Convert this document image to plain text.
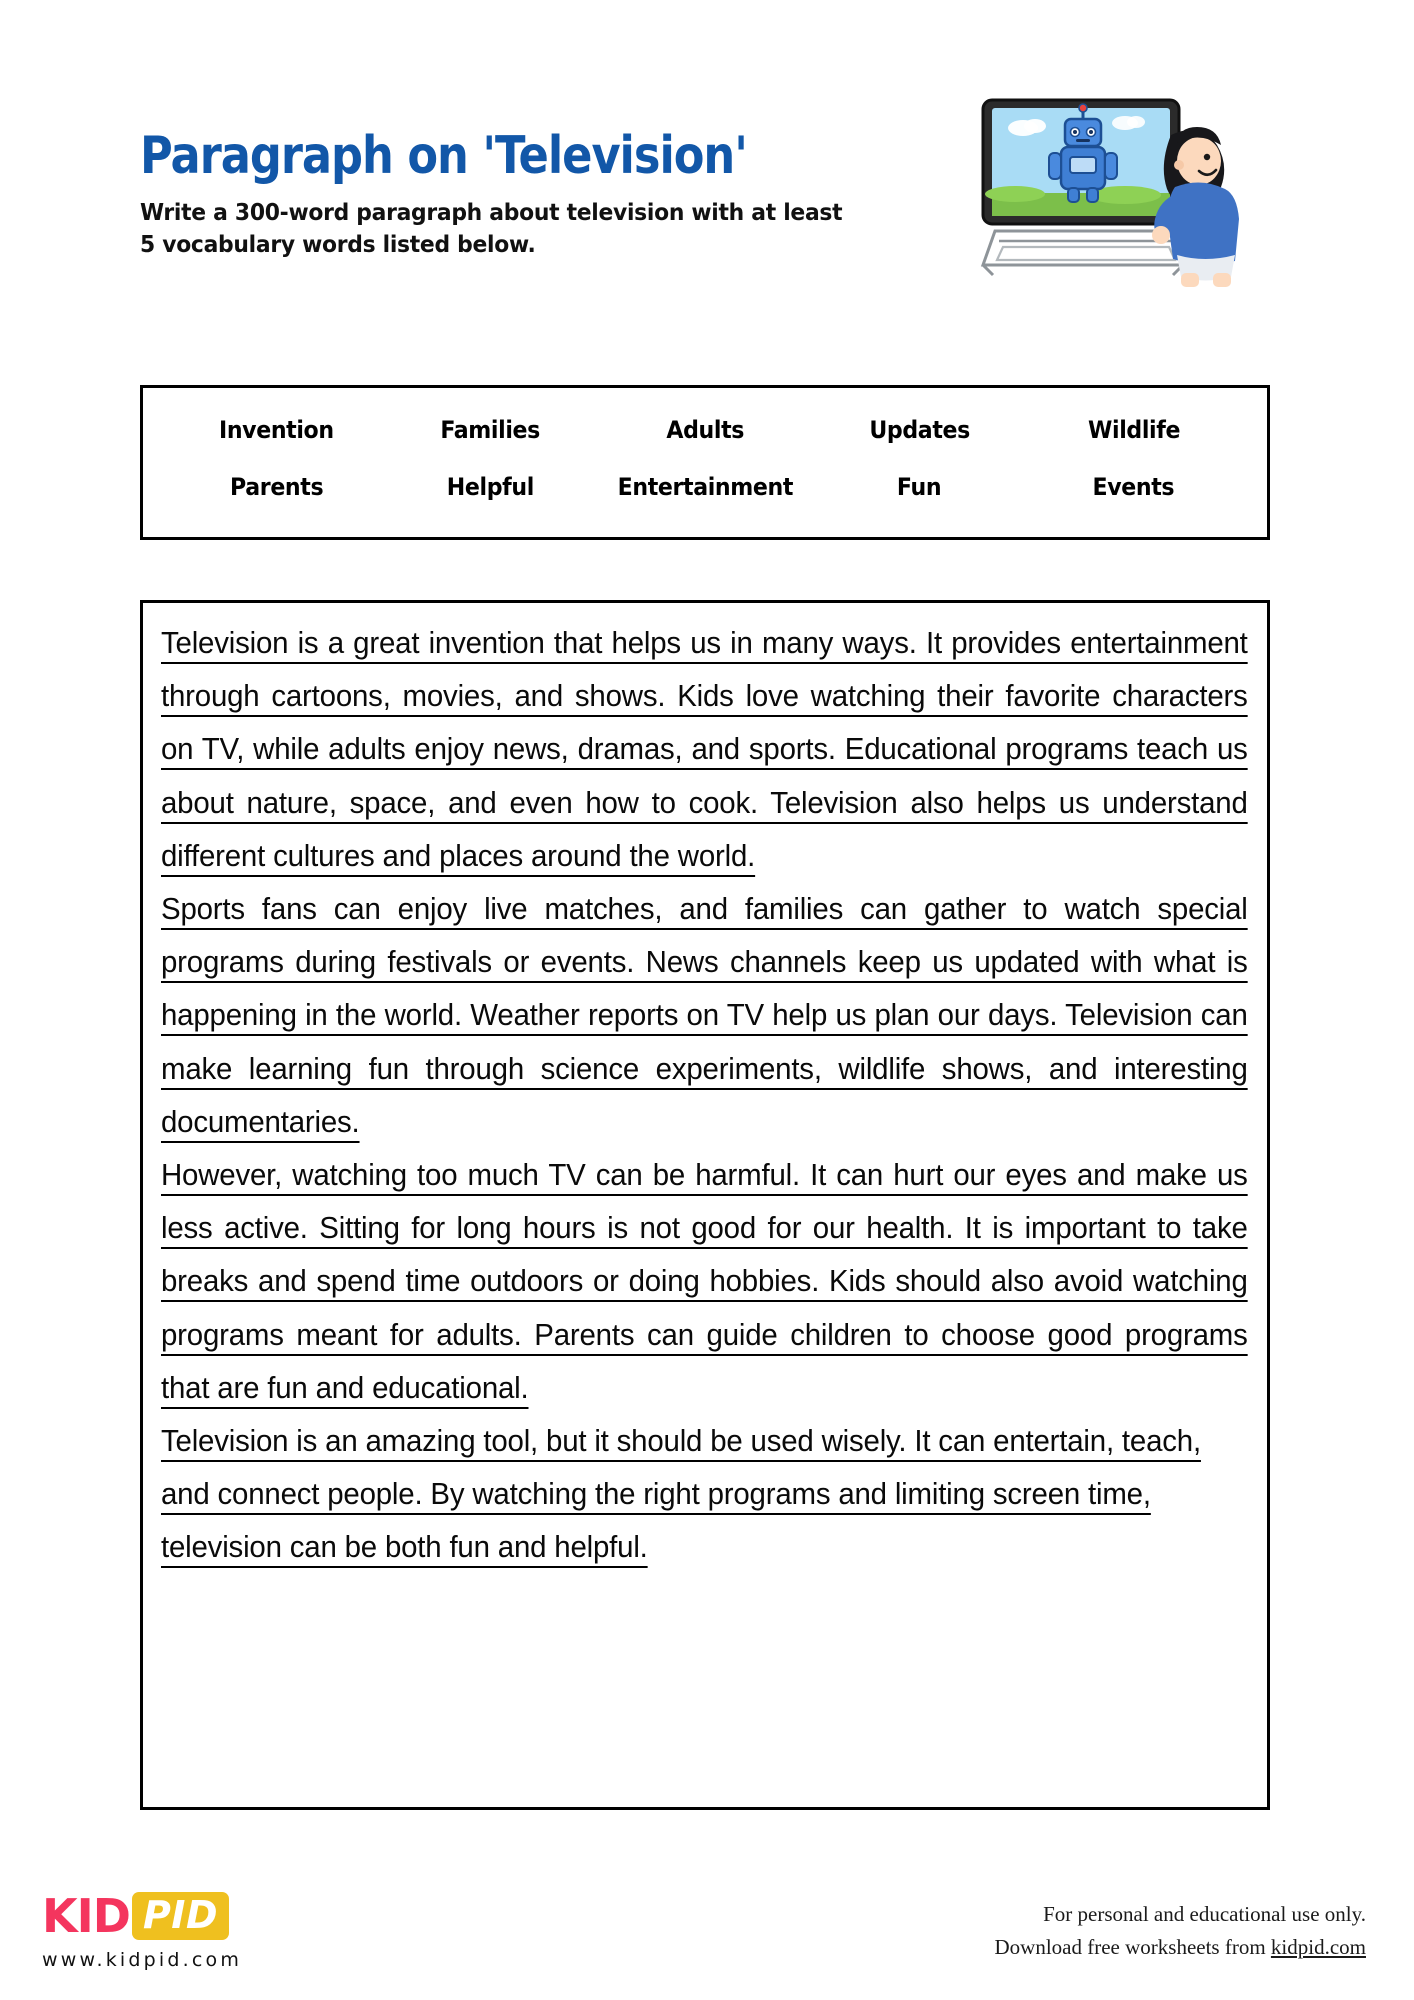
Paragraph on 'Television'
Write a 300-word paragraph about television with at least
5 vocabulary words listed below.
Invention	Families	Adults	Updates	Wildlife
Parents	Helpful	Entertainment	Fun	Events

Television is a great invention that helps us in many ways. It provides entertainment through cartoons, movies, and shows. Kids love watching their favorite characters on TV, while adults enjoy news, dramas, and sports. Educational programs teach us about nature, space, and even how to cook. Television also helps us understand different cultures and places around the world.

Sports fans can enjoy live matches, and families can gather to watch special programs during festivals or events. News channels keep us updated with what is happening in the world. Weather reports on TV help us plan our days. Television can make learning fun through science experiments, wildlife shows, and interesting documentaries.

However, watching too much TV can be harmful. It can hurt our eyes and make us less active. Sitting for long hours is not good for our health. It is important to take breaks and spend time outdoors or doing hobbies. Kids should also avoid watching programs meant for adults. Parents can guide children to choose good programs that are fun and educational.

Television is an amazing tool, but it should be used wisely. It can entertain, teach, and connect people. By watching the right programs and limiting screen time, television can be both fun and helpful.

KID PID
www.kidpid.com
For personal and educational use only.
Download free worksheets from kidpid.com
